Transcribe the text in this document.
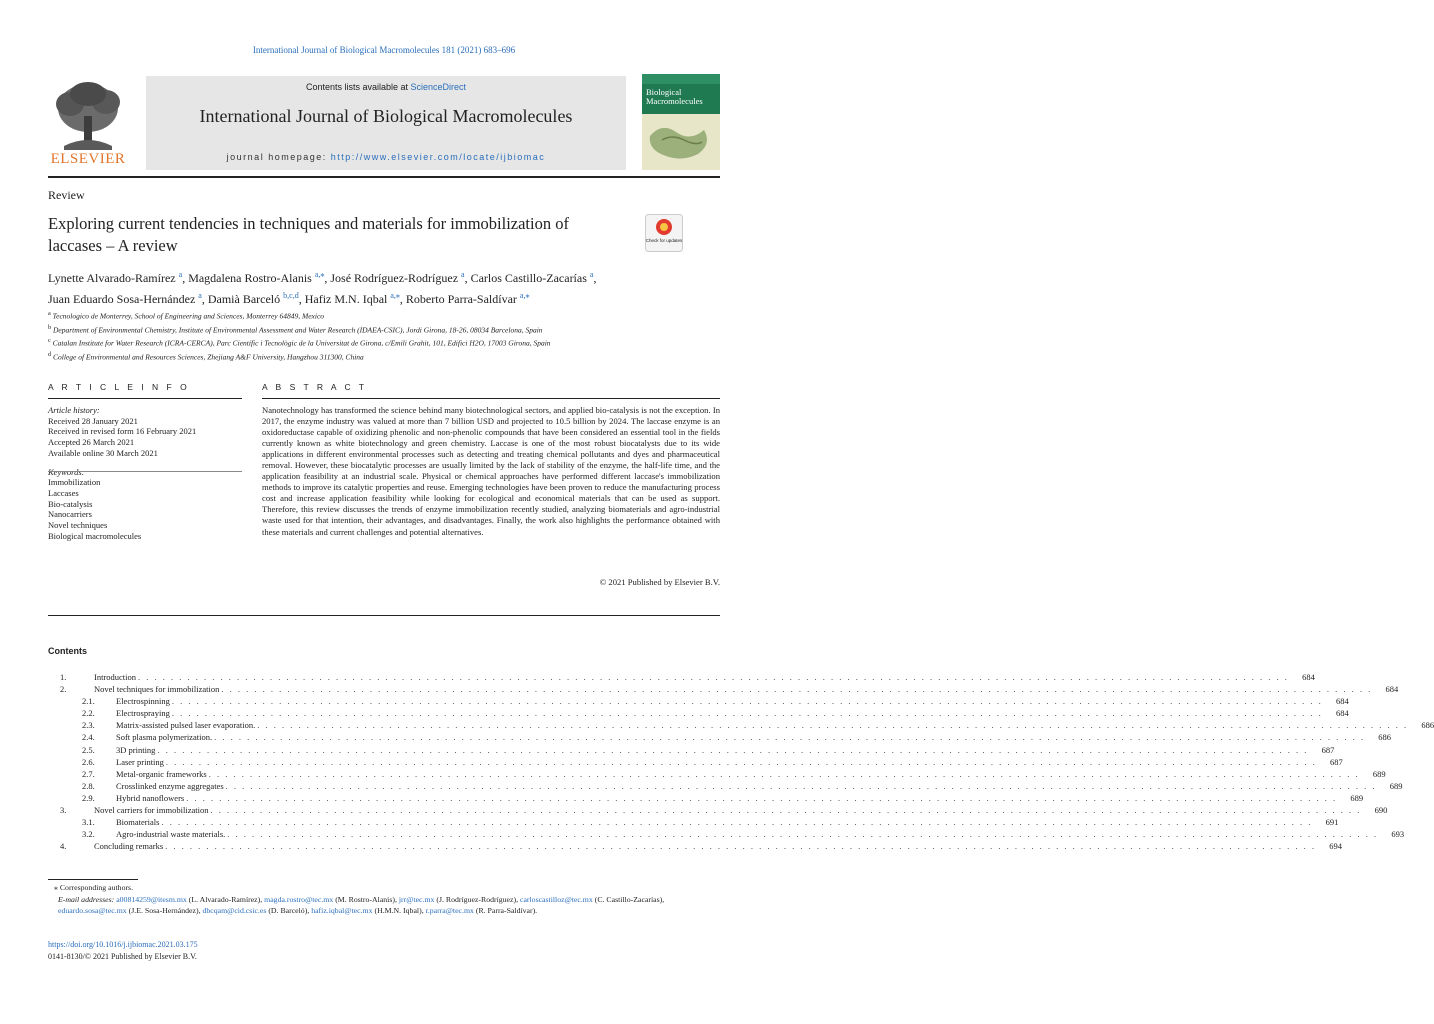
International Journal of Biological Macromolecules 181 (2021) 683–696
ELSEVIER
Contents lists available at ScienceDirect
International Journal of Biological Macromolecules
journal homepage: http://www.elsevier.com/locate/ijbiomac
Biological Macromolecules
Review
Exploring current tendencies in techniques and materials for immobilization of laccases – A review	Check for updates
Lynette Alvarado-Ramírez $^a$, Magdalena Rostro-Alanis $^{a,⁎}$, José Rodríguez-Rodríguez $^a$, Carlos Castillo-Zacarías $^a$,
Juan Eduardo Sosa-Hernández $^a$, Damià Barceló $^{b,c,d}$, Hafiz M.N. Iqbal $^{a,⁎}$, Roberto Parra-Saldívar $^{a,⁎}$
$^a$ Tecnologico de Monterrey, School of Engineering and Sciences, Monterrey 64849, Mexico
$^b$ Department of Environmental Chemistry, Institute of Environmental Assessment and Water Research (IDAEA-CSIC), Jordi Girona, 18-26, 08034 Barcelona, Spain
$^c$ Catalan Institute for Water Research (ICRA-CERCA), Parc Científic i Tecnològic de la Universitat de Girona, c/Emili Grahit, 101, Edifici H2O, 17003 Girona, Spain
$^d$ College of Environmental and Resources Sciences, Zhejiang A&F University, Hangzhou 311300, China
A R T I C L E I N F O	A B S T R A C T
Article history:
Received 28 January 2021
Received in revised form 16 February 2021
Accepted 26 March 2021
Available online 30 March 2021
Immobilization
Laccases
Bio-catalysis
Nanocarriers
Novel techniques
Biological macromolecules
Nanotechnology has transformed the science behind many biotechnological sectors, and applied bio-catalysis is not the exception. In 2017, the enzyme industry was valued at more than 7 billion USD and projected to 10.5 billion by 2024. The laccase enzyme is an oxidoreductase capable of oxidizing phenolic and non-phenolic compounds that have been considered an essential tool in the fields currently known as white biotechnology and green chemistry. Laccase is one of the most robust biocatalysts due to its wide applications in different environmental processes such as detecting and treating chemical pollutants and dyes and pharmaceutical removal. However, these biocatalytic processes are usually limited by the lack of stability of the enzyme, the half-life time, and the application feasibility at an industrial scale. Physical or chemical approaches have performed different laccase's immobilization methods to improve its catalytic properties and reuse. Emerging technologies have been proven to reduce the manufacturing process cost and increase application feasibility while looking for ecological and economical materials that can be used as support. Therefore, this review discusses the trends of enzyme immobilization recently studied, analyzing biomaterials and agro-industrial waste used for that intention, their advantages, and disadvantages. Finally, the work also highlights the performance obtained with these materials and current challenges and potential alternatives.
© 2021 Published by Elsevier B.V.
Contents
1.	Introduction . . . . . . . . . . . . . . . . . . . . . . . . . . . . . . . . . . . . . . . . . . . . . . . . . . . . . . . . . . . . . . . . . . . . . . . . . . . . . . . . . . . . . . . . . . . . . . . . . . . . . . . . . . . . . . . . . . . . . . . . . . . . . . . . . . . . . . . . . . . .	684
2.	Novel techniques for immobilization . . . . . . . . . . . . . . . . . . . . . . . . . . . . . . . . . . . . . . . . . . . . . . . . . . . . . . . . . . . . . . . . . . . . . . . . . . . . . . . . . . . . . . . . . . . . . . . . . . . . . . . . . . . . . . . . . . . . . . . . . . . . . . . . . . . . . . . . . . . .	684
2.1.	Electrospinning . . . . . . . . . . . . . . . . . . . . . . . . . . . . . . . . . . . . . . . . . . . . . . . . . . . . . . . . . . . . . . . . . . . . . . . . . . . . . . . . . . . . . . . . . . . . . . . . . . . . . . . . . . . . . . . . . . . . . . . . . . . . . . . . . . . . . . . . . . . .	684
2.2.	Electrospraying . . . . . . . . . . . . . . . . . . . . . . . . . . . . . . . . . . . . . . . . . . . . . . . . . . . . . . . . . . . . . . . . . . . . . . . . . . . . . . . . . . . . . . . . . . . . . . . . . . . . . . . . . . . . . . . . . . . . . . . . . . . . . . . . . . . . . . . . . . . .	684
2.3.	Matrix-assisted pulsed laser evaporation. . . . . . . . . . . . . . . . . . . . . . . . . . . . . . . . . . . . . . . . . . . . . . . . . . . . . . . . . . . . . . . . . . . . . . . . . . . . . . . . . . . . . . . . . . . . . . . . . . . . . . . . . . . . . . . . . . . . . . . . . . . . . . . . . . . . . . . . . . . . .	686
2.4.	Soft plasma polymerization. . . . . . . . . . . . . . . . . . . . . . . . . . . . . . . . . . . . . . . . . . . . . . . . . . . . . . . . . . . . . . . . . . . . . . . . . . . . . . . . . . . . . . . . . . . . . . . . . . . . . . . . . . . . . . . . . . . . . . . . . . . . . . . . . . . . . . . . . . . . .	686
2.5.	3D printing . . . . . . . . . . . . . . . . . . . . . . . . . . . . . . . . . . . . . . . . . . . . . . . . . . . . . . . . . . . . . . . . . . . . . . . . . . . . . . . . . . . . . . . . . . . . . . . . . . . . . . . . . . . . . . . . . . . . . . . . . . . . . . . . . . . . . . . . . . . .	687
2.6.	Laser printing . . . . . . . . . . . . . . . . . . . . . . . . . . . . . . . . . . . . . . . . . . . . . . . . . . . . . . . . . . . . . . . . . . . . . . . . . . . . . . . . . . . . . . . . . . . . . . . . . . . . . . . . . . . . . . . . . . . . . . . . . . . . . . . . . . . . . . . . . . . .	687
2.7.	Metal-organic frameworks . . . . . . . . . . . . . . . . . . . . . . . . . . . . . . . . . . . . . . . . . . . . . . . . . . . . . . . . . . . . . . . . . . . . . . . . . . . . . . . . . . . . . . . . . . . . . . . . . . . . . . . . . . . . . . . . . . . . . . . . . . . . . . . . . . . . . . . . . . . .	689
2.8.	Crosslinked enzyme aggregates . . . . . . . . . . . . . . . . . . . . . . . . . . . . . . . . . . . . . . . . . . . . . . . . . . . . . . . . . . . . . . . . . . . . . . . . . . . . . . . . . . . . . . . . . . . . . . . . . . . . . . . . . . . . . . . . . . . . . . . . . . . . . . . . . . . . . . . . . . . .	689
2.9.	Hybrid nanoflowers . . . . . . . . . . . . . . . . . . . . . . . . . . . . . . . . . . . . . . . . . . . . . . . . . . . . . . . . . . . . . . . . . . . . . . . . . . . . . . . . . . . . . . . . . . . . . . . . . . . . . . . . . . . . . . . . . . . . . . . . . . . . . . . . . . . . . . . . . . . .	689
3.	Novel carriers for immobilization . . . . . . . . . . . . . . . . . . . . . . . . . . . . . . . . . . . . . . . . . . . . . . . . . . . . . . . . . . . . . . . . . . . . . . . . . . . . . . . . . . . . . . . . . . . . . . . . . . . . . . . . . . . . . . . . . . . . . . . . . . . . . . . . . . . . . . . . . . . .	690
3.1.	Biomaterials . . . . . . . . . . . . . . . . . . . . . . . . . . . . . . . . . . . . . . . . . . . . . . . . . . . . . . . . . . . . . . . . . . . . . . . . . . . . . . . . . . . . . . . . . . . . . . . . . . . . . . . . . . . . . . . . . . . . . . . . . . . . . . . . . . . . . . . . . . . .	691
3.2.	Agro-industrial waste materials. . . . . . . . . . . . . . . . . . . . . . . . . . . . . . . . . . . . . . . . . . . . . . . . . . . . . . . . . . . . . . . . . . . . . . . . . . . . . . . . . . . . . . . . . . . . . . . . . . . . . . . . . . . . . . . . . . . . . . . . . . . . . . . . . . . . . . . . . . . . .	693
4.	Concluding remarks . . . . . . . . . . . . . . . . . . . . . . . . . . . . . . . . . . . . . . . . . . . . . . . . . . . . . . . . . . . . . . . . . . . . . . . . . . . . . . . . . . . . . . . . . . . . . . . . . . . . . . . . . . . . . . . . . . . . . . . . . . . . . . . . . . . . . . . . . . . .	694
⁎ Corresponding authors.
E-mail addresses: a00814259@itesm.mx (L. Alvarado-Ramírez), magda.rostro@tec.mx (M. Rostro-Alanis), jrr@tec.mx (J. Rodríguez-Rodríguez), carloscastilloz@tec.mx (C. Castillo-Zacarías),
eduardo.sosa@tec.mx (J.E. Sosa-Hernández), dbcqam@cid.csic.es (D. Barceló), hafiz.iqbal@tec.mx (H.M.N. Iqbal), r.parra@tec.mx (R. Parra-Saldívar).
https://doi.org/10.1016/j.ijbiomac.2021.03.175
0141-8130/© 2021 Published by Elsevier B.V.
